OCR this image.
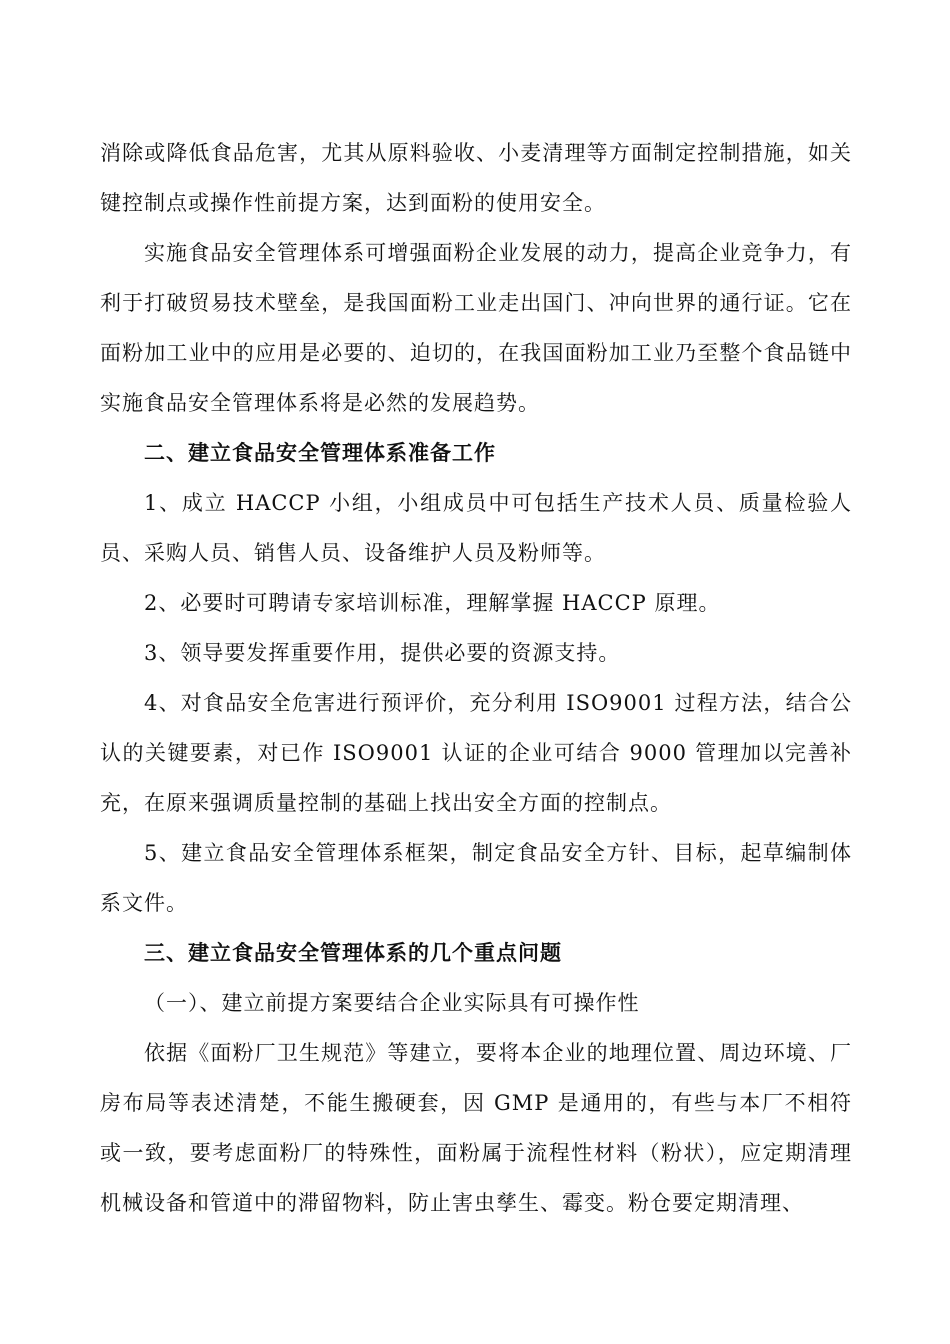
消除或降低食品危害，尤其从原料验收、小麦清理等方面制定控制措施，如关键控制点或操作性前提方案，达到面粉的使用安全。

实施食品安全管理体系可增强面粉企业发展的动力，提高企业竞争力，有利于打破贸易技术壁垒，是我国面粉工业走出国门、冲向世界的通行证。它在面粉加工业中的应用是必要的、迫切的，在我国面粉加工业乃至整个食品链中实施食品安全管理体系将是必然的发展趋势。

二、建立食品安全管理体系准备工作

1、成立 HACCP 小组，小组成员中可包括生产技术人员、质量检验人员、采购人员、销售人员、设备维护人员及粉师等。

2、必要时可聘请专家培训标准，理解掌握 HACCP 原理。

3、领导要发挥重要作用，提供必要的资源支持。

4、对食品安全危害进行预评价，充分利用 ISO9001 过程方法，结合公认的关键要素，对已作 ISO9001 认证的企业可结合 9000 管理加以完善补充，在原来强调质量控制的基础上找出安全方面的控制点。

5、建立食品安全管理体系框架，制定食品安全方针、目标，起草编制体系文件。

三、建立食品安全管理体系的几个重点问题

（一）、建立前提方案要结合企业实际具有可操作性

依据《面粉厂卫生规范》等建立，要将本企业的地理位置、周边环境、厂房布局等表述清楚，不能生搬硬套，因 GMP 是通用的，有些与本厂不相符或一致，要考虑面粉厂的特殊性，面粉属于流程性材料（粉状），应定期清理机械设备和管道中的滞留物料，防止害虫孳生、霉变。粉仓要定期清理、
